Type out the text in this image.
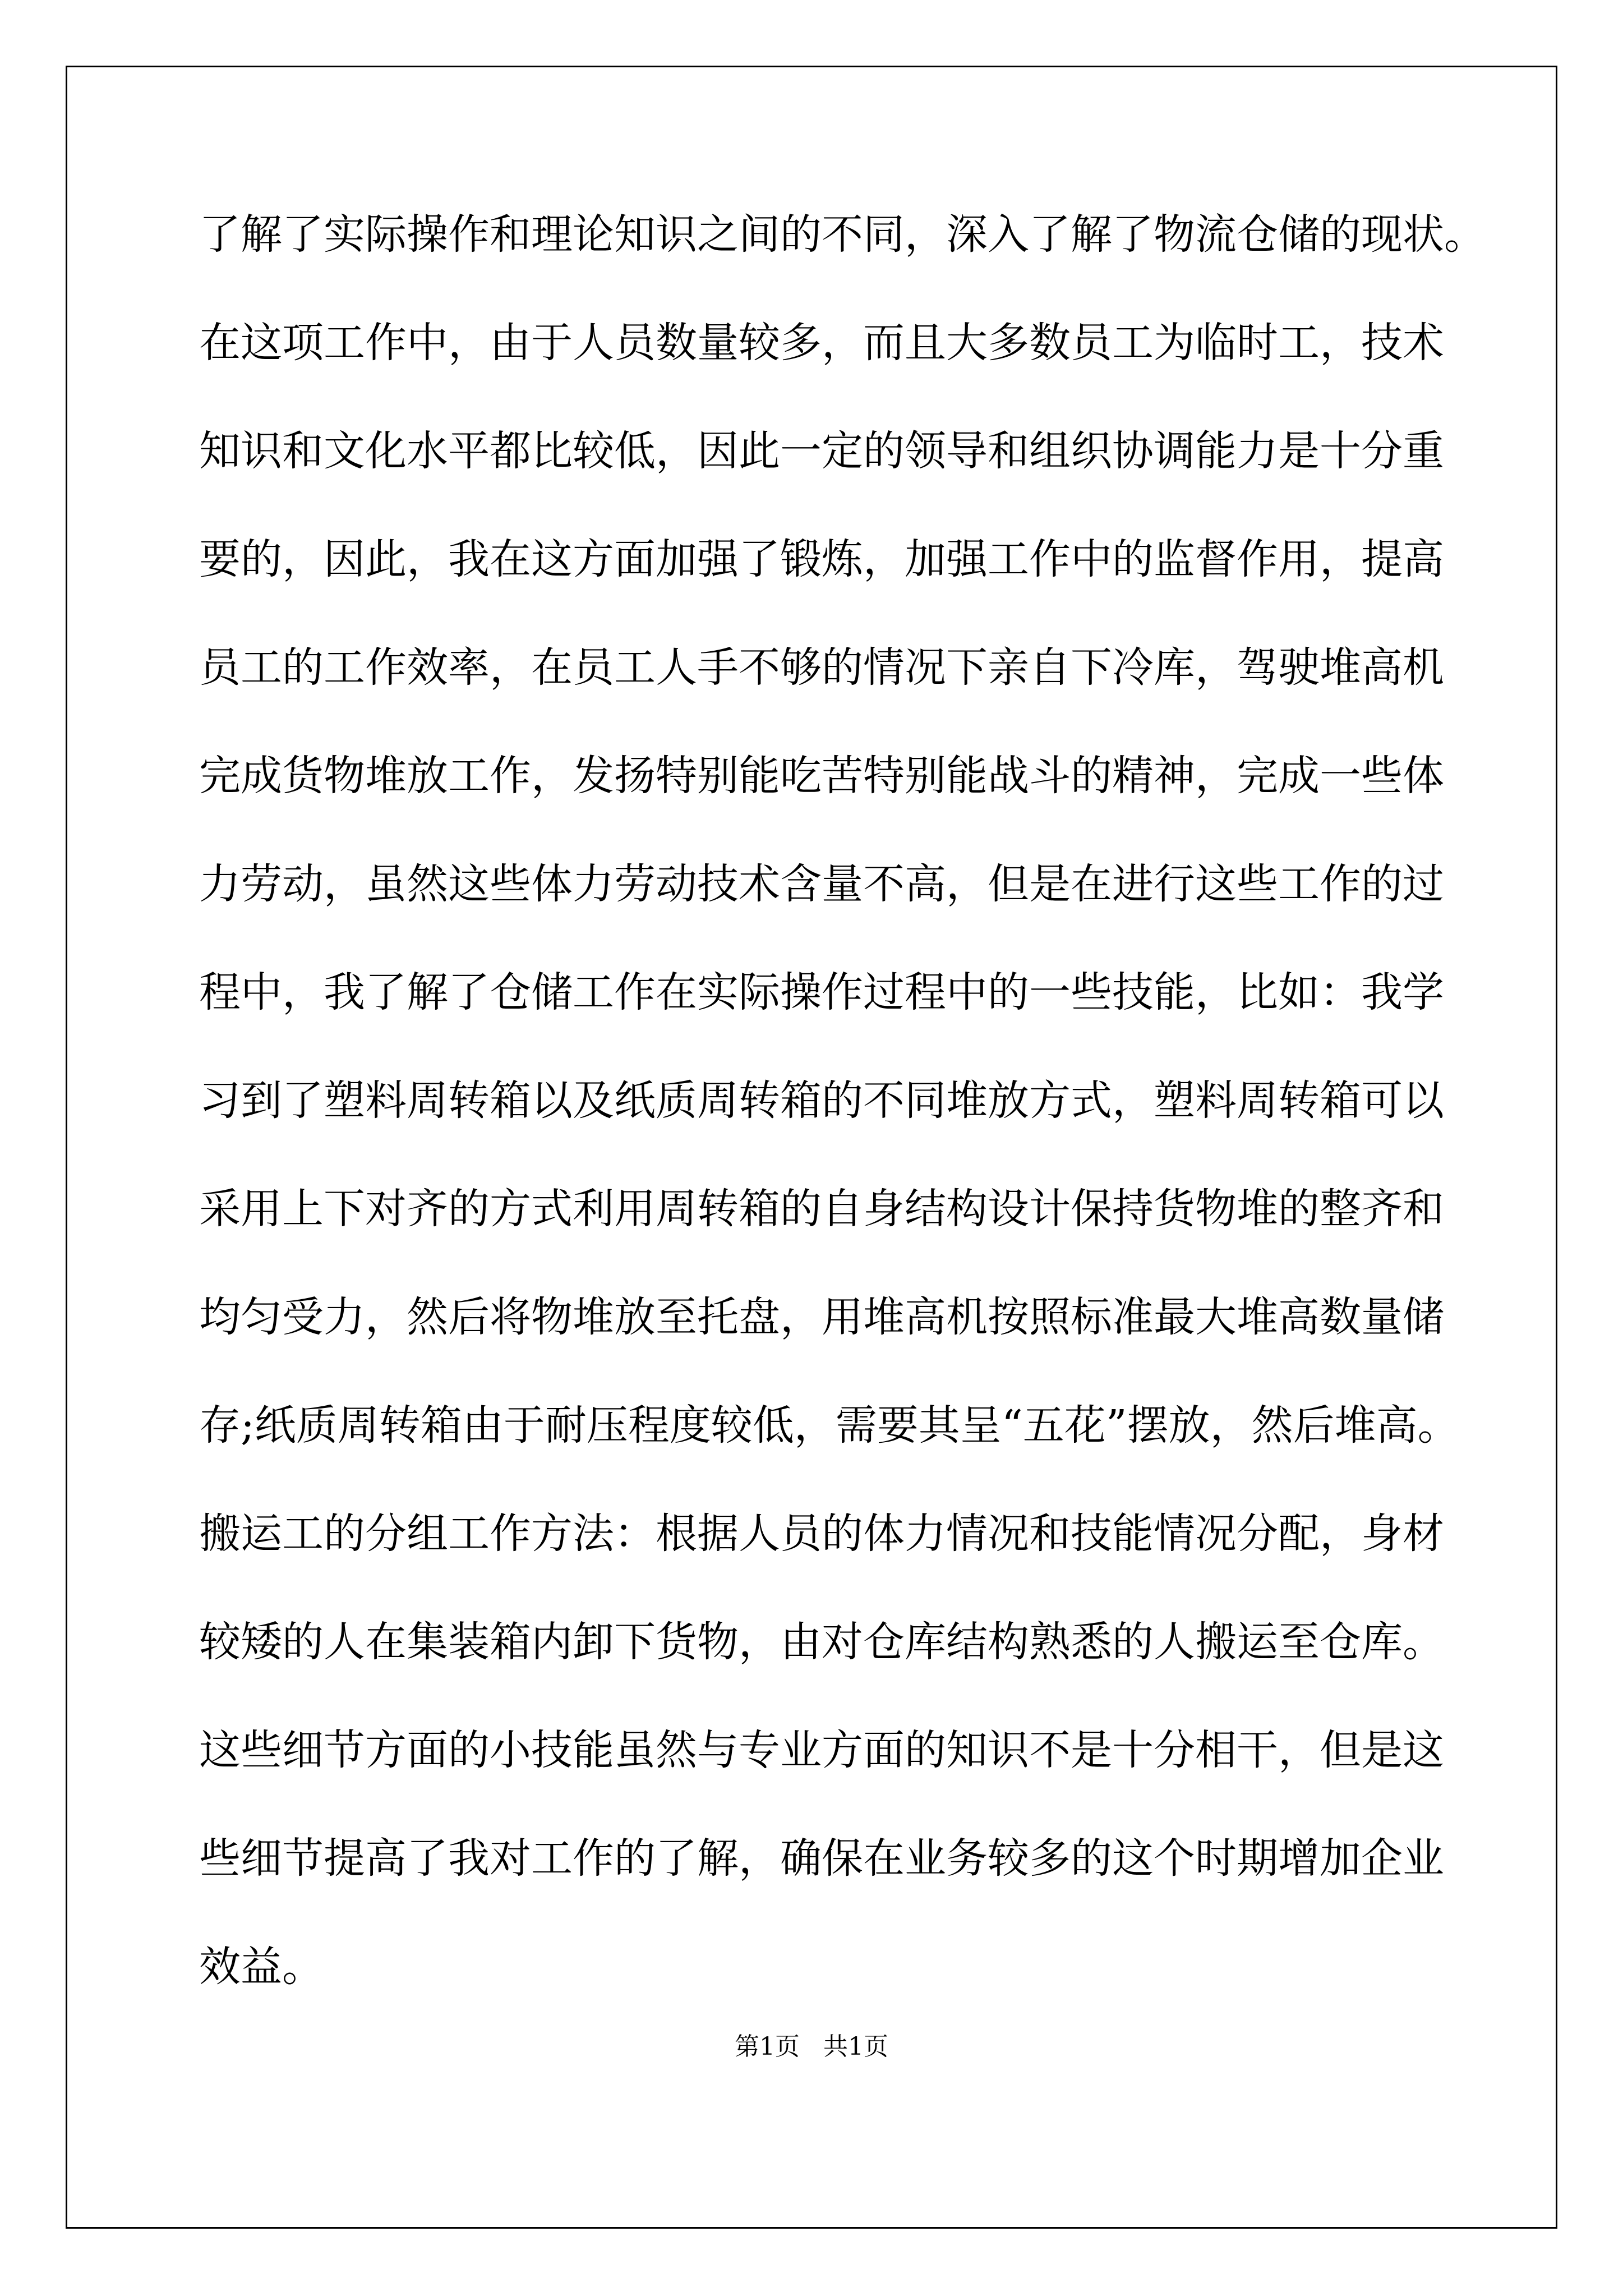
了解了实际操作和理论知识之间的不同，深入了解了物流仓储的现状。
在这项工作中，由于人员数量较多，而且大多数员工为临时工，技术
知识和文化水平都比较低，因此一定的领导和组织协调能力是十分重
要的，因此，我在这方面加强了锻炼，加强工作中的监督作用，提高
员工的工作效率，在员工人手不够的情况下亲自下冷库，驾驶堆高机
完成货物堆放工作，发扬特别能吃苦特别能战斗的精神，完成一些体
力劳动，虽然这些体力劳动技术含量不高，但是在进行这些工作的过
程中，我了解了仓储工作在实际操作过程中的一些技能，比如：我学
习到了塑料周转箱以及纸质周转箱的不同堆放方式，塑料周转箱可以
采用上下对齐的方式利用周转箱的自身结构设计保持货物堆的整齐和
均匀受力，然后将物堆放至托盘，用堆高机按照标准最大堆高数量储
存;纸质周转箱由于耐压程度较低，需要其呈“五花”摆放，然后堆高。
搬运工的分组工作方法：根据人员的体力情况和技能情况分配，身材
较矮的人在集装箱内卸下货物，由对仓库结构熟悉的人搬运至仓库。
这些细节方面的小技能虽然与专业方面的知识不是十分相干，但是这
些细节提高了我对工作的了解，确保在业务较多的这个时期增加企业
效益。
第1页   共1页
